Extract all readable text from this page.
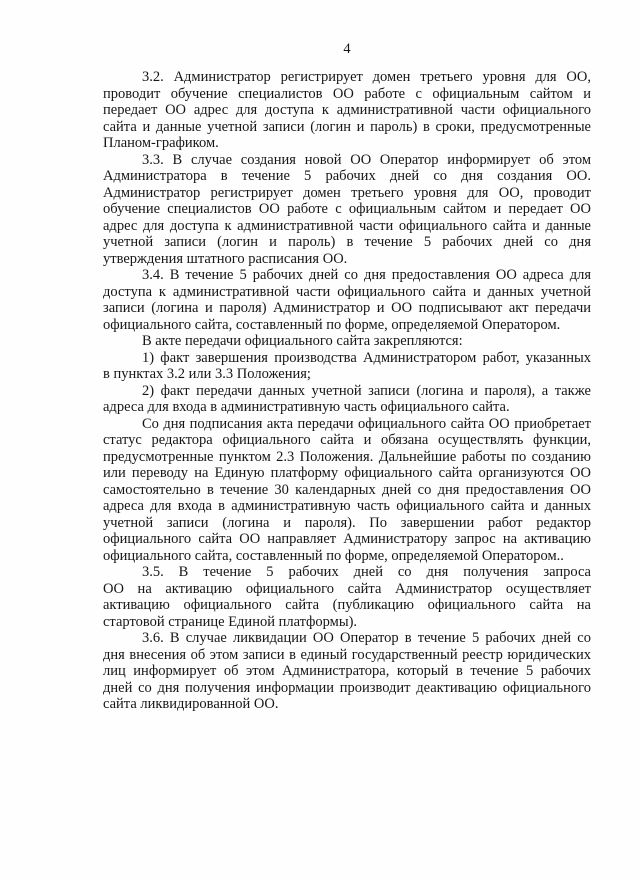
4
3.2. Администратор регистрирует домен третьего уровня для ОО,
проводит обучение специалистов ОО работе с официальным сайтом и
передает ОО адрес для доступа к административной части официального
сайта и данные учетной записи (логин и пароль) в сроки, предусмотренные
Планом-графиком.
3.3. В случае создания новой ОО Оператор информирует об этом
Администратора в течение 5 рабочих дней со дня создания ОО.
Администратор регистрирует домен третьего уровня для ОО, проводит
обучение специалистов ОО работе с официальным сайтом и передает ОО
адрес для доступа к административной части официального сайта и данные
учетной записи (логин и пароль) в течение 5 рабочих дней со дня
утверждения штатного расписания ОО.
3.4. В течение 5 рабочих дней со дня предоставления ОО адреса для
доступа к административной части официального сайта и данных учетной
записи (логина и пароля) Администратор и ОО подписывают акт передачи
официального сайта, составленный по форме, определяемой Оператором.
В акте передачи официального сайта закрепляются:
1) факт завершения производства Администратором работ, указанных
в пунктах 3.2 или 3.3 Положения;
2) факт передачи данных учетной записи (логина и пароля), а также
адреса для входа в административную часть официального сайта.
Со дня подписания акта передачи официального сайта ОО приобретает
статус редактора официального сайта и обязана осуществлять функции,
предусмотренные пунктом 2.3 Положения. Дальнейшие работы по созданию
или переводу на Единую платформу официального сайта организуются ОО
самостоятельно в течение 30 календарных дней со дня предоставления ОО
адреса для входа в административную часть официального сайта и данных
учетной записи (логина и пароля). По завершении работ редактор
официального сайта ОО направляет Администратору запрос на активацию
официального сайта, составленный по форме, определяемой Оператором..
3.5. В течение 5 рабочих дней со дня получения запроса
ОО на активацию официального сайта Администратор осуществляет
активацию официального сайта (публикацию официального сайта на
стартовой странице Единой платформы).
3.6. В случае ликвидации ОО Оператор в течение 5 рабочих дней со
дня внесения об этом записи в единый государственный реестр юридических
лиц информирует об этом Администратора, который в течение 5 рабочих
дней со дня получения информации производит деактивацию официального
сайта ликвидированной ОО.
